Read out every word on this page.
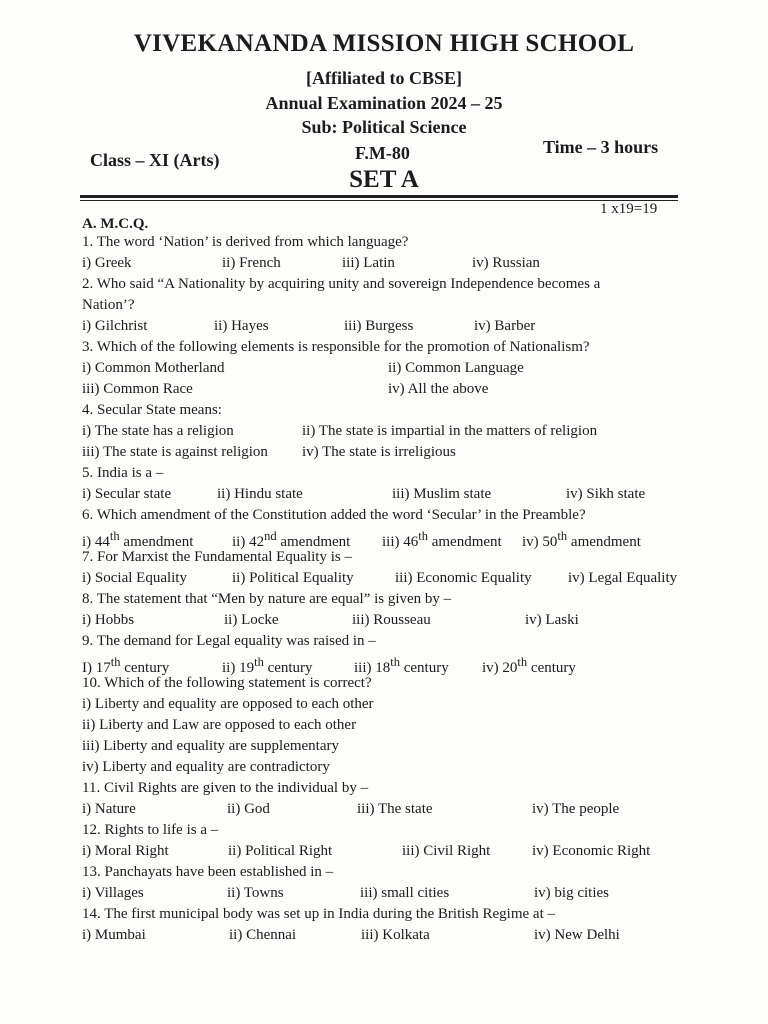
VIVEKANANDA MISSION HIGH SCHOOL
[Affiliated to CBSE]
Annual Examination 2024 – 25
Sub: Political Science
Class – XI (Arts)	F.M-80	Time – 3 hours
SET A
1 x19=19
A. M.C.Q.
1. The word ‘Nation’ is derived from which language?
i) Greek	ii) French	iii) Latin	iv) Russian
2. Who said “A Nationality by acquiring unity and sovereign Independence becomes a
Nation’?
i) Gilchrist	ii) Hayes	iii) Burgess	iv) Barber
3. Which of the following elements is responsible for the promotion of Nationalism?
i) Common Motherland	ii) Common Language
iii) Common Race	iv) All the above
4. Secular State means:
i) The state has a religion	ii) The state is impartial in the matters of religion
iii) The state is against religion iv) The state is irreligious
5. India is a –
i) Secular state	ii) Hindu state	iii) Muslim state	iv) Sikh state
6. Which amendment of the Constitution added the word ‘Secular’ in the Preamble?
i) 44th amendment	ii) 42nd amendment iii) 46th amendment iv) 50th amendment
7. For Marxist the Fundamental Equality is –
i) Social Equality	ii) Political Equality	iii) Economic Equality iv) Legal Equality
8. The statement that “Men by nature are equal” is given by –
i) Hobbs	ii) Locke	iii) Rousseau	iv) Laski
9. The demand for Legal equality was raised in –
I) 17th century	ii) 19th century	iii) 18th century iv) 20th century
10. Which of the following statement is correct?
i) Liberty and equality are opposed to each other
ii) Liberty and Law are opposed to each other
iii) Liberty and equality are supplementary
iv) Liberty and equality are contradictory
11. Civil Rights are given to the individual by –
i) Nature	ii) God	iii) The state	iv) The people
12. Rights to life is a –
i) Moral Right	ii) Political Right	iii) Civil Right	iv) Economic Right
13. Panchayats have been established in –
i) Villages	ii) Towns	iii) small cities	iv) big cities
14. The first municipal body was set up in India during the British Regime at –
i) Mumbai	ii) Chennai	iii) Kolkata	iv) New Delhi
